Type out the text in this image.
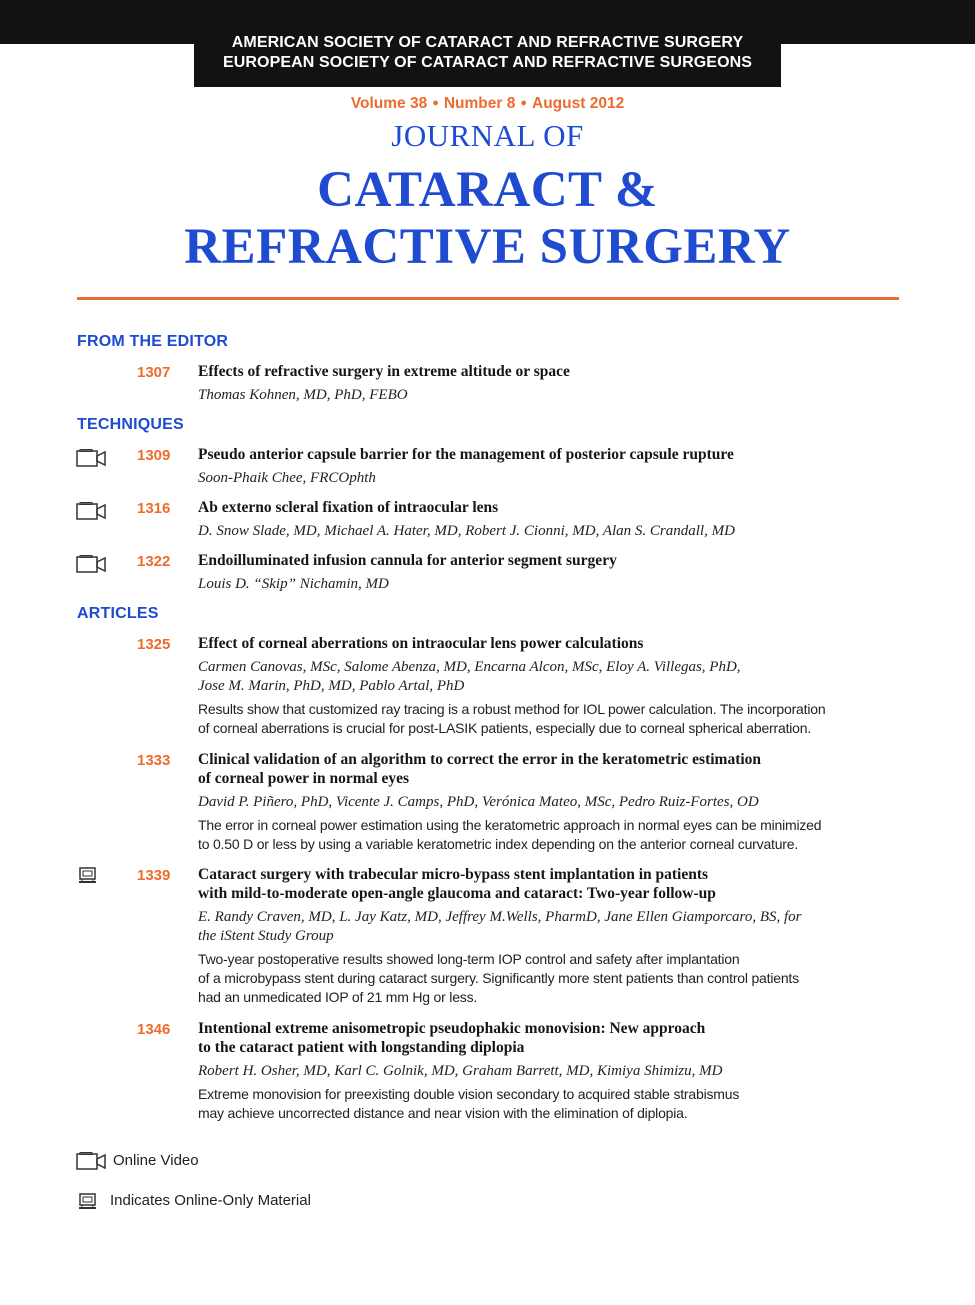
AMERICAN SOCIETY OF CATARACT AND REFRACTIVE SURGERY
EUROPEAN SOCIETY OF CATARACT AND REFRACTIVE SURGEONS
Volume 38 ● Number 8 ● August 2012
JOURNAL OF
CATARACT &
REFRACTIVE SURGERY
FROM THE EDITOR
1307 Effects of refractive surgery in extreme altitude or space
Thomas Kohnen, MD, PhD, FEBO
TECHNIQUES
1309 Pseudo anterior capsule barrier for the management of posterior capsule rupture
Soon-Phaik Chee, FRCOphth
1316 Ab externo scleral fixation of intraocular lens
D. Snow Slade, MD, Michael A. Hater, MD, Robert J. Cionni, MD, Alan S. Crandall, MD
1322 Endoilluminated infusion cannula for anterior segment surgery
Louis D. “Skip” Nichamin, MD
ARTICLES
1325 Effect of corneal aberrations on intraocular lens power calculations
Carmen Canovas, MSc, Salome Abenza, MD, Encarna Alcon, MSc, Eloy A. Villegas, PhD,
Jose M. Marin, PhD, MD, Pablo Artal, PhD
Results show that customized ray tracing is a robust method for IOL power calculation. The incorporation
of corneal aberrations is crucial for post-LASIK patients, especially due to corneal spherical aberration.
1333 Clinical validation of an algorithm to correct the error in the keratometric estimation
of corneal power in normal eyes
David P. Piñero, PhD, Vicente J. Camps, PhD, Verónica Mateo, MSc, Pedro Ruiz-Fortes, OD
The error in corneal power estimation using the keratometric approach in normal eyes can be minimized
to 0.50 D or less by using a variable keratometric index depending on the anterior corneal curvature.
1339 Cataract surgery with trabecular micro-bypass stent implantation in patients
with mild-to-moderate open-angle glaucoma and cataract: Two-year follow-up
E. Randy Craven, MD, L. Jay Katz, MD, Jeffrey M.Wells, PharmD, Jane Ellen Giamporcaro, BS, for
the iStent Study Group
Two-year postoperative results showed long-term IOP control and safety after implantation
of a microbypass stent during cataract surgery. Significantly more stent patients than control patients
had an unmedicated IOP of 21 mm Hg or less.
1346 Intentional extreme anisometropic pseudophakic monovision: New approach
to the cataract patient with longstanding diplopia
Robert H. Osher, MD, Karl C. Golnik, MD, Graham Barrett, MD, Kimiya Shimizu, MD
Extreme monovision for preexisting double vision secondary to acquired stable strabismus
may achieve uncorrected distance and near vision with the elimination of diplopia.
Online Video
Indicates Online-Only Material
